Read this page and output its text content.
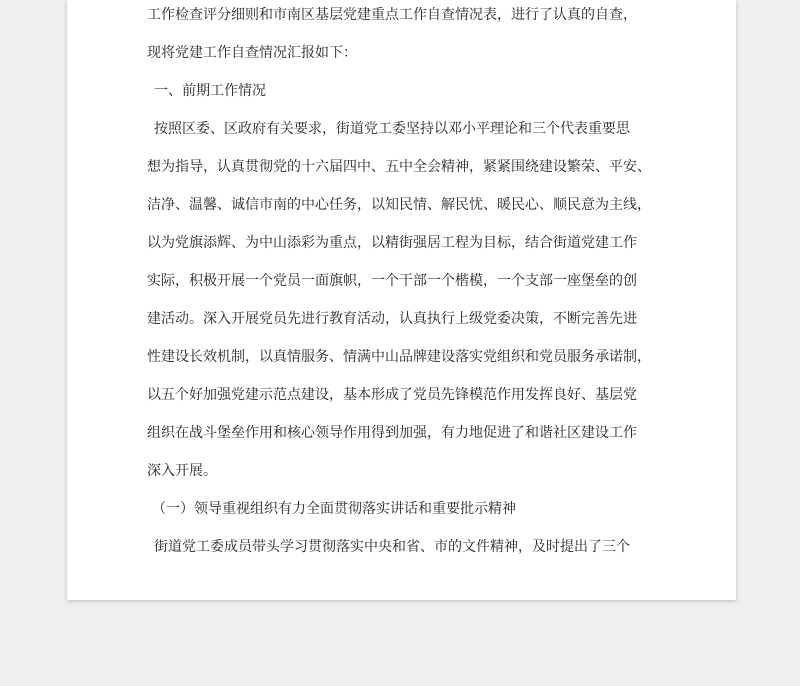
工作检查评分细则和市南区基层党建重点工作自查情况表，进行了认真的自查，
现将党建工作自查情况汇报如下：
一、前期工作情况
按照区委、区政府有关要求，街道党工委坚持以邓小平理论和三个代表重要思
想为指导，认真贯彻党的十六届四中、五中全会精神，紧紧围绕建设繁荣、平安、
洁净、温馨、诚信市南的中心任务，以知民情、解民忧、暖民心、顺民意为主线，
以为党旗添辉、为中山添彩为重点，以精街强居工程为目标，结合街道党建工作
实际，积极开展一个党员一面旗帜，一个干部一个楷模，一个支部一座堡垒的创
建活动。深入开展党员先进行教育活动，认真执行上级党委决策，不断完善先进
性建设长效机制，以真情服务、情满中山品牌建设落实党组织和党员服务承诺制，
以五个好加强党建示范点建设，基本形成了党员先锋模范作用发挥良好、基层党
组织在战斗堡垒作用和核心领导作用得到加强，有力地促进了和谐社区建设工作
深入开展。
（一）领导重视组织有力全面贯彻落实讲话和重要批示精神
街道党工委成员带头学习贯彻落实中央和省、市的文件精神，及时提出了三个
